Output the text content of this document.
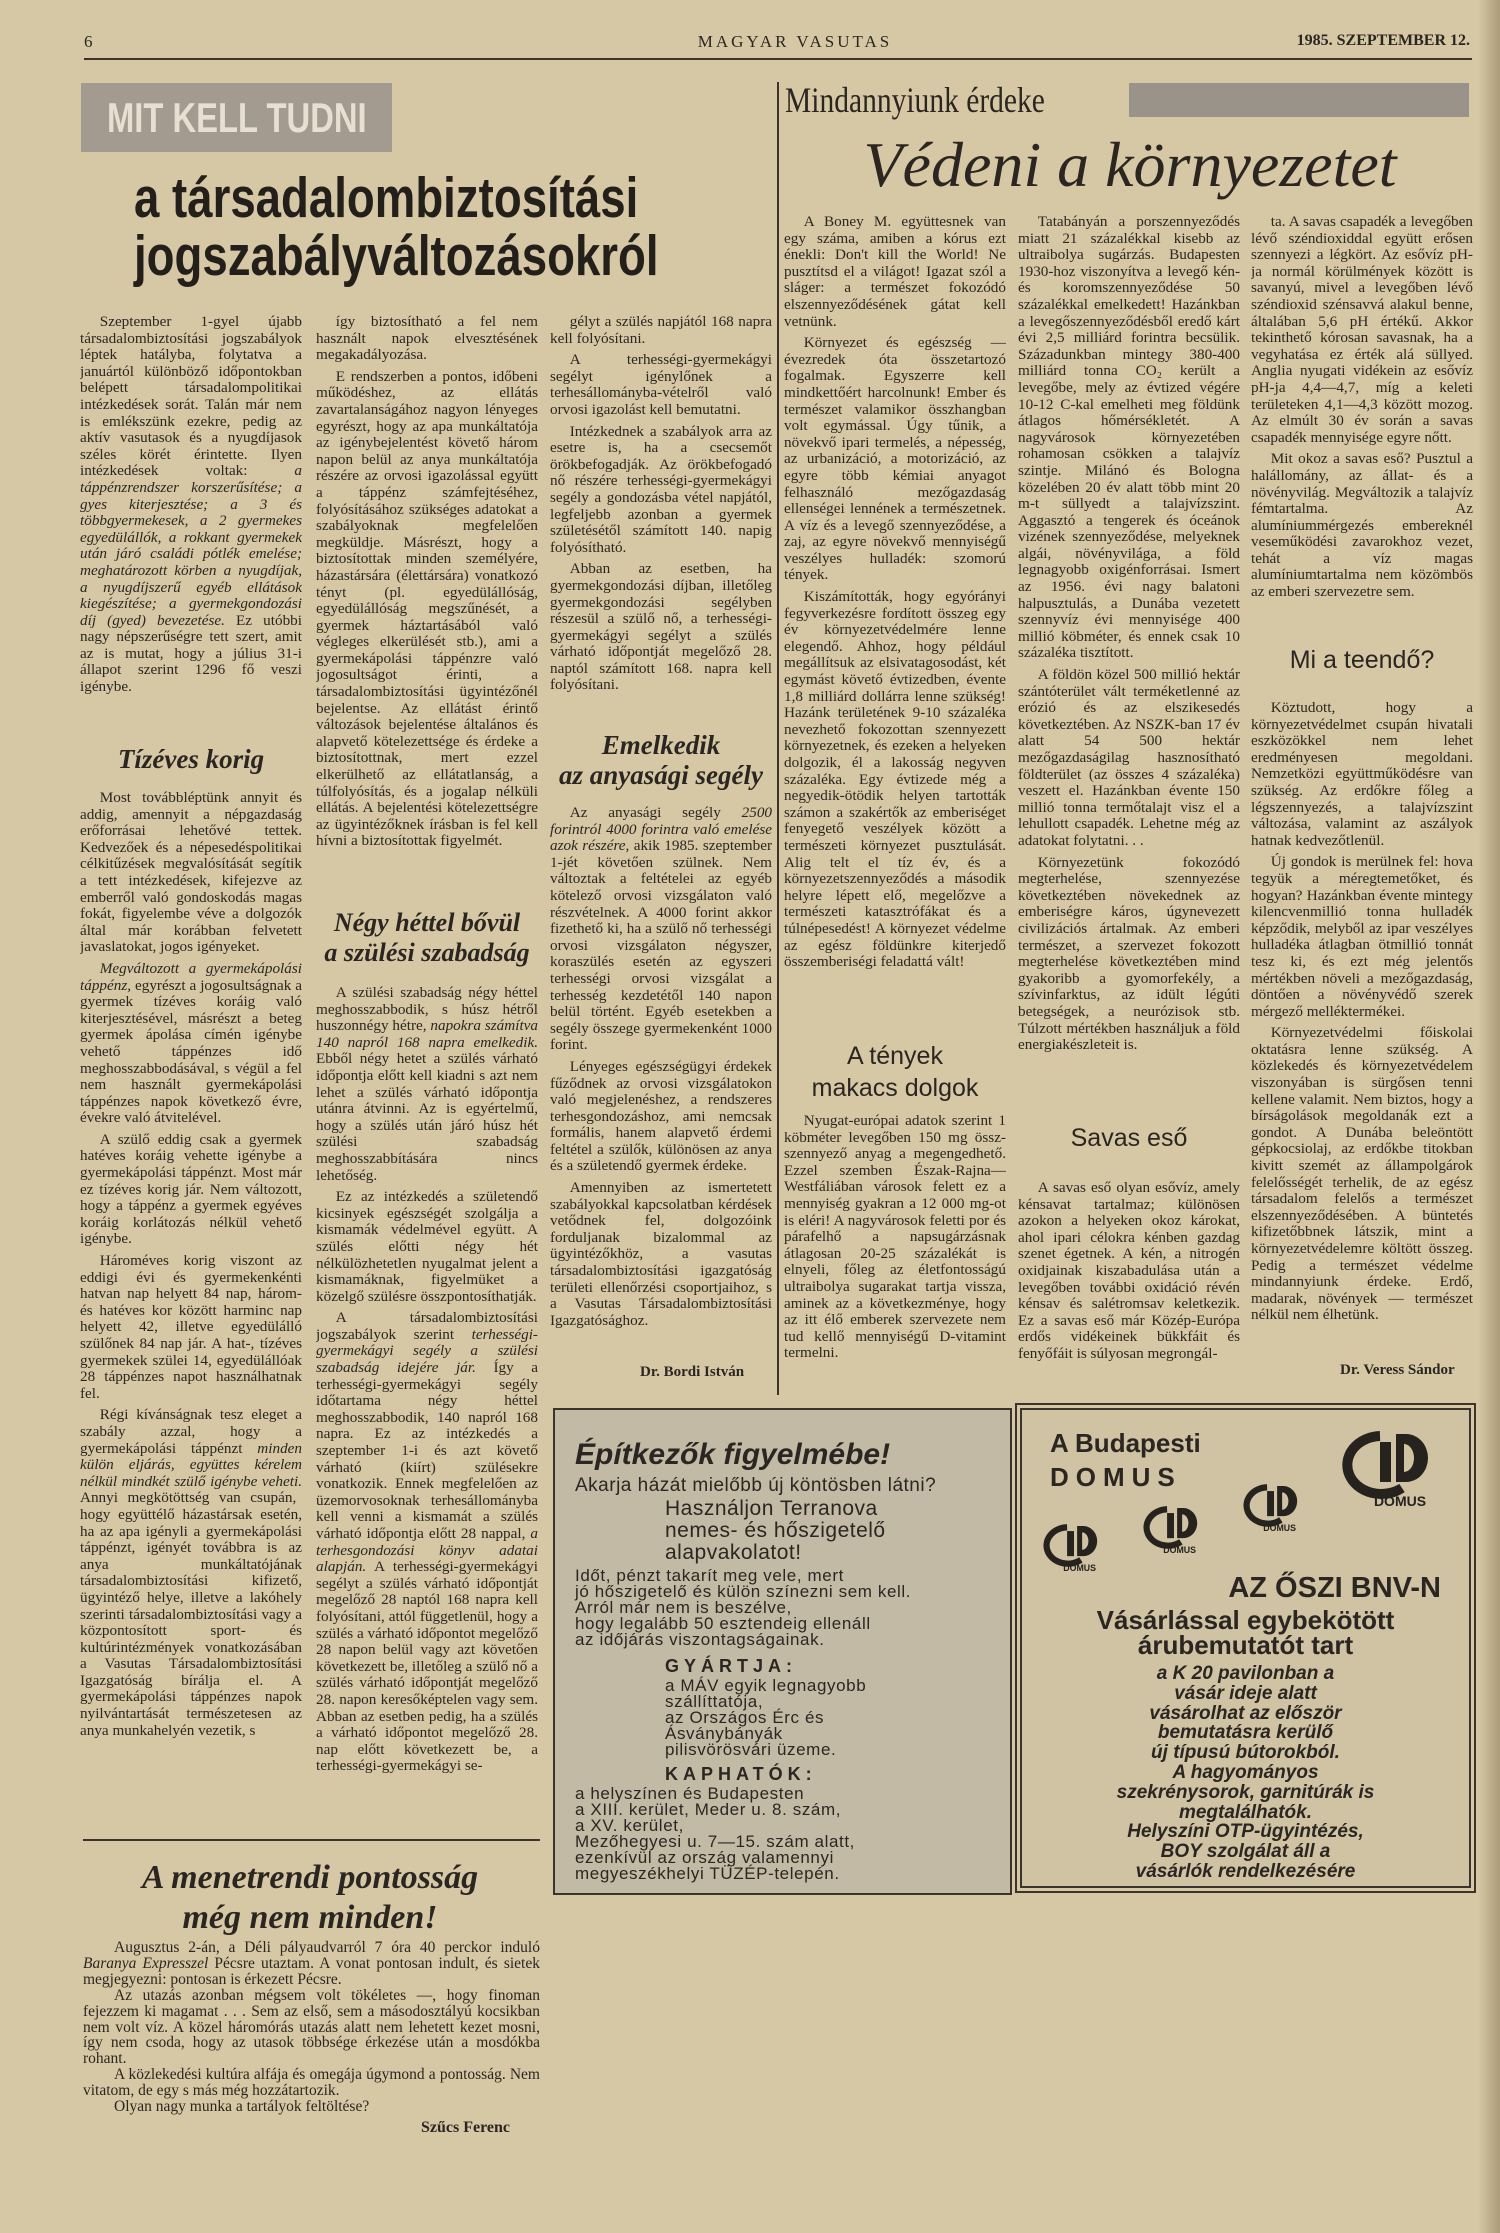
6	MAGYAR VASUTAS	1985. SZEPTEMBER 12.
MIT KELL TUDNI
a társadalombiztosítási
jogszabályváltozásokról

Szeptember 1-gyel újabb társadalombiztosítási jogszabályok léptek hatályba, folytatva a januártól különböző időpontokban belépett társadalompolitikai intézkedések sorát. Talán már nem is emlékszünk ezekre, pedig az aktív vasutasok és a nyugdíjasok széles körét érintette. Ilyen intézkedések voltak: a táppénzrendszer korszerűsítése; a gyes kiterjesztése; a 3 és többgyermekesek, a 2 gyermekes egyedülállók, a rokkant gyermekek után járó családi pótlék emelése; meghatározott körben a nyugdíjak, a nyugdíjszerű egyéb ellátások kiegészítése; a gyermekgondozási díj (gyed) bevezetése. Ez utóbbi nagy népszerűségre tett szert, amit az is mutat, hogy a július 31-i állapot szerint 1296 fő veszi igénybe.

Tízéves korig

Most továbbléptünk annyit és addig, amennyit a népgazdaság erőforrásai lehetővé tettek. Kedvezőek és a népesedéspolitikai célkitűzések megvalósítását segítik a tett intézkedések, kifejezve az emberről való gondoskodás magas fokát, figyelembe véve a dolgozók által már korábban felvetett javaslatokat, jogos igényeket.

Megváltozott a gyermekápolási táppénz, egyrészt a jogosultságnak a gyermek tízéves koráig való kiterjesztésével, másrészt a beteg gyermek ápolása címén igénybe vehető táppénzes idő meghosszabbodásával, s végül a fel nem használt gyermekápolási táppénzes napok következő évre, évekre való átvitelével.

A szülő eddig csak a gyermek hatéves koráig vehette igénybe a gyermekápolási táppénzt. Most már ez tízéves korig jár. Nem változott, hogy a táppénz a gyermek egyéves koráig korlátozás nélkül vehető igénybe.

Hároméves korig viszont az eddigi évi és gyermekenkénti hatvan nap helyett 84 nap, három- és hatéves kor között harminc nap helyett 42, illetve egyedülálló szülőnek 84 nap jár. A hat-, tízéves gyermekek szülei 14, egyedülállóak 28 táppénzes napot használhatnak fel.

Régi kívánságnak tesz eleget a szabály azzal, hogy a gyermekápolási táppénzt minden külön eljárás, együttes kérelem nélkül mindkét szülő igénybe veheti. Annyi megkötöttség van csupán, hogy együttélő házastársak esetén, ha az apa igényli a gyermekápolási táppénzt, igényét továbbra is az anya munkáltatójának társadalombiztosítási kifizető, ügyintéző helye, illetve a lakóhely szerinti társadalombiztosítási vagy a központosított sport- és kultúrintézmények vonatkozásában a Vasutas Társadalombiztosítási Igazgatóság bírálja el. A gyermekápolási táppénzes napok nyilvántartását természetesen az anya munkahelyén vezetik, s

így biztosítható a fel nem használt napok elvesztésének megakadályozása.

E rendszerben a pontos, időbeni működéshez, az ellátás zavartalanságához nagyon lényeges egyrészt, hogy az apa munkáltatója az igénybejelentést követő három napon belül az anya munkáltatója részére az orvosi igazolással együtt a táppénz számfejtéséhez, folyósításához szükséges adatokat a szabályoknak megfelelően megküldje. Másrészt, hogy a biztosítottak minden személyére, házastársára (élettársára) vonatkozó tényt (pl. egyedülállóság, egyedülállóság megszűnését, a gyermek háztartásából való végleges elkerülését stb.), ami a gyermekápolási táppénzre való jogosultságot érinti, a társadalombiztosítási ügyintézőnél bejelentse. Az ellátást érintő változások bejelentése általános és alapvető kötelezettsége és érdeke a biztosítottnak, mert ezzel elkerülhető az ellátatlanság, a túlfolyósítás, és a jogalap nélküli ellátás. A bejelentési kötelezettségre az ügyintézőknek írásban is fel kell hívni a biztosítottak figyelmét.

Négy héttel bővül
a szülési szabadság

A szülési szabadság négy héttel meghosszabbodik, s húsz hétről huszonnégy hétre, napokra számítva 140 napról 168 napra emelkedik. Ebből négy hetet a szülés várható időpontja előtt kell kiadni s azt nem lehet a szülés várható időpontja utánra átvinni. Az is egyértelmű, hogy a szülés után járó húsz hét szülési szabadság meghosszabbítására nincs lehetőség.

Ez az intézkedés a születendő kicsinyek egészségét szolgálja a kismamák védelmével együtt. A szülés előtti négy hét nélkülözhetetlen nyugalmat jelent a kismamáknak, figyelmüket a közelgő szülésre összpontosíthatják.

A társadalombiztosítási jogszabályok szerint terhességi-gyermekágyi segély a szülési szabadság idejére jár. Így a terhességi-gyermekágyi segély időtartama négy héttel meghosszabbodik, 140 napról 168 napra. Ez az intézkedés a szeptember 1-i és azt követő várható (kiírt) szülésekre vonatkozik. Ennek megfelelően az üzemorvosoknak terhesállományba kell venni a kismamát a szülés várható időpontja előtt 28 nappal, a terhesgondozási könyv adatai alapján. A terhességi-gyermekágyi segélyt a szülés várható időpontját megelőző 28 naptól 168 napra kell folyósítani, attól függetlenül, hogy a szülés a várható időpontot megelőző 28 napon belül vagy azt követően következett be, illetőleg a szülő nő a szülés várható időpontját megelőző 28. napon keresőképtelen vagy sem. Abban az esetben pedig, ha a szülés a várható időpontot megelőző 28. nap előtt következett be, a terhességi-gyermekágyi se-

gélyt a szülés napjától 168 napra kell folyósítani.

A terhességi-gyermekágyi segélyt igénylőnek a terhesállományba-vételről való orvosi igazolást kell bemutatni.

Intézkednek a szabályok arra az esetre is, ha a csecsemőt örökbefogadják. Az örökbefogadó nő részére terhességi-gyermekágyi segély a gondozásba vétel napjától, legfeljebb azonban a gyermek születésétől számított 140. napig folyósítható.

Abban az esetben, ha gyermekgondozási díjban, illetőleg gyermekgondozási segélyben részesül a szülő nő, a terhességi-gyermekágyi segélyt a szülés várható időpontját megelőző 28. naptól számított 168. napra kell folyósítani.

Emelkedik
az anyasági segély

Az anyasági segély 2500 forintról 4000 forintra való emelése azok részére, akik 1985. szeptember 1-jét követően szülnek. Nem változtak a feltételei az egyéb kötelező orvosi vizsgálaton való részvételnek. A 4000 forint akkor fizethető ki, ha a szülő nő terhességi orvosi vizsgálaton négyszer, koraszülés esetén az egyszeri terhességi orvosi vizsgálat a terhesség kezdetétől 140 napon belül történt. Egyéb esetekben a segély összege gyermekenként 1000 forint.

Lényeges egészségügyi érdekek fűződnek az orvosi vizsgálatokon való megjelenéshez, a rendszeres terhesgondozáshoz, ami nemcsak formális, hanem alapvető érdemi feltétel a szülők, különösen az anya és a születendő gyermek érdeke.

Amennyiben az ismertetett szabályokkal kapcsolatban kérdések vetődnek fel, dolgozóink forduljanak bizalommal az ügyintézőkhöz, a vasutas társadalombiztosítási igazgatóság területi ellenőrzési csoportjaihoz, s a Vasutas Társadalombiztosítási Igazgatósághoz.

Dr. Bordi István
Mindannyiunk érdeke
Védeni a környezetet

A Boney M. együttesnek van egy száma, amiben a kórus ezt énekli: Don't kill the World! Ne pusztítsd el a világot! Igazat szól a sláger: a természet fokozódó elszennyeződésének gátat kell vetnünk.

Környezet és egészség — évezredek óta összetartozó fogalmak. Egyszerre kell mindkettőért harcolnunk! Ember és természet valamikor összhangban volt egymással. Úgy tűnik, a növekvő ipari termelés, a népesség, az urbanizáció, a motorizáció, az egyre több kémiai anyagot felhasználó mezőgazdaság ellenségei lennének a természetnek. A víz és a levegő szennyeződése, a zaj, az egyre növekvő mennyiségű veszélyes hulladék: szomorú tények.

Kiszámították, hogy egyórányi fegyverkezésre fordított összeg egy év környezetvédelmére lenne elegendő. Ahhoz, hogy például megállítsuk az elsivatagosodást, két egymást követő évtizedben, évente 1,8 milliárd dollárra lenne szükség! Hazánk területének 9-10 százaléka nevezhető fokozottan szennyezett környezetnek, és ezeken a helyeken dolgozik, él a lakosság negyven százaléka. Egy évtizede még a negyedik-ötödik helyen tartották számon a szakértők az emberiséget fenyegető veszélyek között a természeti környezet pusztulását. Alig telt el tíz év, és a környezetszennyeződés a második helyre lépett elő, megelőzve a természeti katasztrófákat és a túlnépesedést! A környezet védelme az egész földünkre kiterjedő összemberiségi feladattá vált!

A tények
makacs dolgok

Nyugat-európai adatok szerint 1 köbméter levegőben 150 mg össz-szennyező anyag a megengedhető. Ezzel szemben Észak-Rajna—Westfáliában városok felett ez a mennyiség gyakran a 12 000 mg-ot is eléri! A nagyvárosok feletti por és párafelhő a napsugárzásnak átlagosan 20-25 százalékát is elnyeli, főleg az életfontosságú ultraibolya sugarakat tartja vissza, aminek az a következménye, hogy az itt élő emberek szervezete nem tud kellő mennyiségű D-vitamint termelni.

Tatabányán a porszennyeződés miatt 21 százalékkal kisebb az ultraibolya sugárzás. Budapesten 1930-hoz viszonyítva a levegő kén- és koromszennyeződése 50 százalékkal emelkedett! Hazánkban a levegőszennyeződésből eredő kárt évi 2,5 milliárd forintra becsülik. Századunkban mintegy 380-400 milliárd tonna CO₂ került a levegőbe, mely az évtized végére 10-12 C-kal emelheti meg földünk átlagos hőmérsékletét. A nagyvárosok környezetében rohamosan csökken a talajvíz szintje. Milánó és Bologna közelében 20 év alatt több mint 20 m-t süllyedt a talajvízszint. Aggasztó a tengerek és óceánok vizének szennyeződése, melyeknek algái, növényvilága, a föld legnagyobb oxigénforrásai. Ismert az 1956. évi nagy balatoni halpusztulás, a Dunába vezetett szennyvíz évi mennyisége 400 millió köbméter, és ennek csak 10 százaléka tisztított.

A földön közel 500 millió hektár szántóterület vált terméketlenné az erózió és az elszikesedés következtében. Az NSZK-ban 17 év alatt 54 500 hektár mezőgazdaságilag hasznosítható földterület (az összes 4 százaléka) veszett el. Hazánkban évente 150 millió tonna termőtalajt visz el a lehullott csapadék. Lehetne még az adatokat folytatni. . .

Környezetünk fokozódó megterhelése, szennyezése következtében növekednek az emberiségre káros, úgynevezett civilizációs ártalmak. Az emberi természet, a szervezet fokozott megterhelése következtében mind gyakoribb a gyomorfekély, a szívinfarktus, az idült légúti betegségek, a neurózisok stb. Túlzott mértékben használjuk a föld energiakészleteit is.

Savas eső

A savas eső olyan esővíz, amely kénsavat tartalmaz; különösen azokon a helyeken okoz károkat, ahol ipari célokra kénben gazdag szenet égetnek. A kén, a nitrogén oxidjainak kiszabadulása után a levegőben további oxidáció révén kénsav és salétromsav keletkezik. Ez a savas eső már Közép-Európa erdős vidékeinek bükkfáit és fenyőfáit is súlyosan megrongál-

ta. A savas csapadék a levegőben lévő széndioxiddal együtt erősen szennyezi a légkört. Az esővíz pH-ja normál körülmények között is savanyú, mivel a levegőben lévő széndioxid szénsavvá alakul benne, általában 5,6 pH értékű. Akkor tekinthető kórosan savasnak, ha a vegyhatása ez érték alá süllyed. Anglia nyugati vidékein az esővíz pH-ja 4,4—4,7, míg a keleti területeken 4,1—4,3 között mozog. Az elmúlt 30 év során a savas csapadék mennyisége egyre nőtt.

Mit okoz a savas eső? Pusztul a halállomány, az állat- és a növényvilág. Megváltozik a talajvíz fémtartalma. Az alumíniummérgezés embereknél veseműködési zavarokhoz vezet, tehát a víz magas alumíniumtartalma nem közömbös az emberi szervezetre sem.

Mi a teendő?

Köztudott, hogy a környezetvédelmet csupán hivatali eszközökkel nem lehet eredményesen megoldani. Nemzetközi együttműködésre van szükség. Az erdőkre főleg a légszennyezés, a talajvízszint változása, valamint az aszályok hatnak kedvezőtlenül.

Új gondok is merülnek fel: hova tegyük a méregtemetőket, és hogyan? Hazánkban évente mintegy kilencvenmillió tonna hulladék képződik, melyből az ipar veszélyes hulladéka átlagban ötmillió tonnát tesz ki, és ezt még jelentős mértékben növeli a mezőgazdaság, döntően a növényvédő szerek mérgező melléktermékei.

Környezetvédelmi főiskolai oktatásra lenne szükség. A közlekedés és környezetvédelem viszonyában is sürgősen tenni kellene valamit. Nem biztos, hogy a bírságolások megoldanák ezt a gondot. A Dunába beleöntött gépkocsiolaj, az erdőkbe titokban kivitt szemét az állampolgárok felelősségét terhelik, de az egész társadalom felelős a természet elszennyeződésében. A büntetés kifizetőbbnek látszik, mint a környezetvédelemre költött összeg. Pedig a természet védelme mindannyiunk érdeke. Erdő, madarak, növények — természet nélkül nem élhetünk.

Dr. Veress Sándor
A menetrendi pontosság
még nem minden!

Augusztus 2-án, a Déli pályaudvarról 7 óra 40 perckor induló Baranya Expresszel Pécsre utaztam. A vonat pontosan indult, és sietek megjegyezni: pontosan is érkezett Pécsre.

Az utazás azonban mégsem volt tökéletes —, hogy finoman fejezzem ki magamat . . . Sem az első, sem a másodosztályú kocsikban nem volt víz. A közel háromórás utazás alatt nem lehetett kezet mosni, így nem csoda, hogy az utasok többsége érkezése után a mosdókba rohant.

A közlekedési kultúra alfája és omegája úgymond a pontosság. Nem vitatom, de egy s más még hozzátartozik.

Olyan nagy munka a tartályok feltöltése?

Szűcs Ferenc
Építkezők figyelmébe!
Akarja házát mielőbb új köntösben látni?
Használjon Terranova
nemes- és hőszigetelő
alapvakolatot!
Időt, pénzt takarít meg vele, mert
jó hőszigetelő és külön színezni sem kell.
Arról már nem is beszélve,
hogy legalább 50 esztendeig ellenáll
az időjárás viszontagságainak.
GYÁRTJA:
a MÁV egyik legnagyobb
szállíttatója,
az Országos Érc és
Ásványbányák
pilisvörösvári üzeme.
KAPHATÓK:
a helyszínen és Budapesten
a XIII. kerület, Meder u. 8. szám,
a XV. kerület,
Mezőhegyesi u. 7—15. szám alatt,
ezenkívül az ország valamennyi
megyeszékhelyi TÜZÉP-telepén.
A Budapesti
DOMUS
DOMUS
DOMUS
DOMUS
DOMUS
AZ ŐSZI BNV-N
Vásárlással egybekötött
árubemutatót tart
a K 20 pavilonban a
vásár ideje alatt
vásárolhat az először
bemutatásra kerülő
új típusú bútorokból.
A hagyományos
szekrénysorok, garnitúrák is
megtalálhatók.
Helyszíni OTP-ügyintézés,
BOY szolgálat áll a
vásárlók rendelkezésére
